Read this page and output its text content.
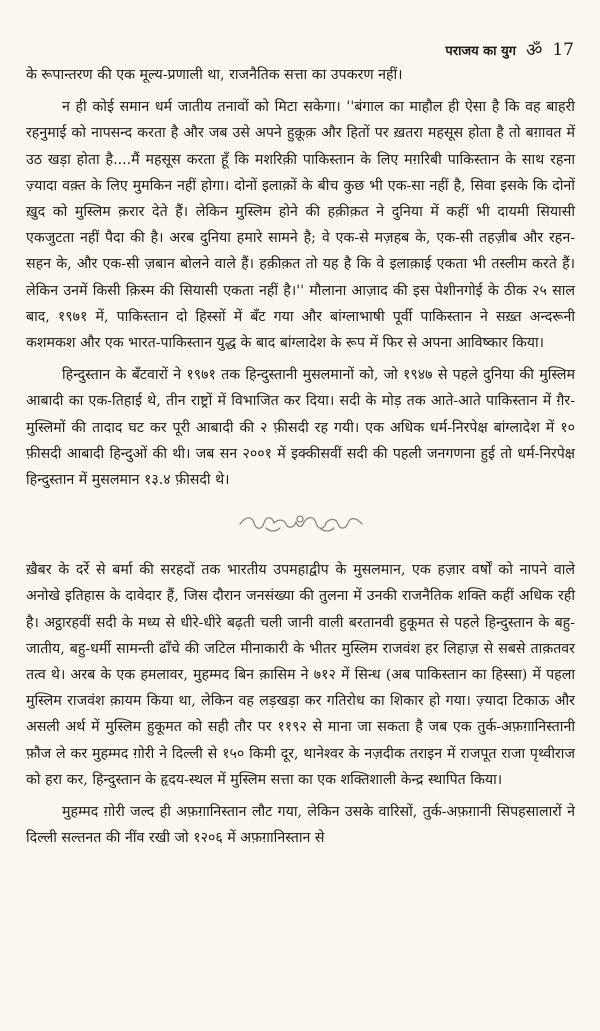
पराजय का युग ॐ 17

के रूपान्तरण की एक मूल्य-प्रणाली था, राजनैतिक सत्ता का उपकरण नहीं।

न ही कोई समान धर्म जातीय तनावों को मिटा सकेगा। ''बंगाल का माहौल ही ऐसा है कि वह बाहरी रहनुमाई को नापसन्द करता है और जब उसे अपने हुक़ूक़ और हितों पर ख़तरा महसूस होता है तो बग़ावत में उठ खड़ा होता है....मैं महसूस करता हूँ कि मशरिक़ी पाकिस्तान के लिए मग़रिबी पाकिस्तान के साथ रहना ज़्यादा वक़्त के लिए मुमकिन नहीं होगा। दोनों इलाक़ों के बीच कुछ भी एक-सा नहीं है, सिवा इसके कि दोनों ख़ुद को मुस्लिम क़रार देते हैं। लेकिन मुस्लिम होने की हक़ीक़त ने दुनिया में कहीं भी दायमी सियासी एकजुटता नहीं पैदा की है। अरब दुनिया हमारे सामने है; वे एक-से मज़हब के, एक-सी तहज़ीब और रहन-सहन के, और एक-सी ज़बान बोलने वाले हैं। हक़ीक़त तो यह है कि वे इलाक़ाई एकता भी तस्लीम करते हैं। लेकिन उनमें किसी क़िस्म की सियासी एकता नहीं है।'' मौलाना आज़ाद की इस पेशीनगोई के ठीक २५ साल बाद, १९७१ में, पाकिस्तान दो हिस्सों में बँट गया और बांग्लाभाषी पूर्वी पाकिस्तान ने सख़्त अन्दरूनी कशमकश और एक भारत-पाकिस्तान युद्ध के बाद बांग्लादेश के रूप में फिर से अपना आविष्कार किया।

हिन्दुस्तान के बँटवारों ने १९७१ तक हिन्दुस्तानी मुसलमानों को, जो १९४७ से पहले दुनिया की मुस्लिम आबादी का एक-तिहाई थे, तीन राष्ट्रों में विभाजित कर दिया। सदी के मोड़ तक आते-आते पाकिस्तान में ग़ैर-मुस्लिमों की तादाद घट कर पूरी आबादी की २ फ़ीसदी रह गयी। एक अधिक धर्म-निरपेक्ष बांग्लादेश में १० फ़ीसदी आबादी हिन्दुओं की थी। जब सन २००१ में इक्कीसवीं सदी की पहली जनगणना हुई तो धर्म-निरपेक्ष हिन्दुस्तान में मुसलमान १३.४ फ़ीसदी थे।

ख़ैबर के दर्रे से बर्मा की सरहदों तक भारतीय उपमहाद्वीप के मुसलमान, एक हज़ार वर्षों को नापने वाले अनोखे इतिहास के दावेदार हैं, जिस दौरान जनसंख्या की तुलना में उनकी राजनैतिक शक्ति कहीं अधिक रही है। अट्ठारहवीं सदी के मध्य से धीरे-धीरे बढ़ती चली जानी वाली बरतानवी हुकूमत से पहले हिन्दुस्तान के बहु-जातीय, बहु-धर्मी सामन्ती ढाँचे की जटिल मीनाकारी के भीतर मुस्लिम राजवंश हर लिहाज़ से सबसे ताक़तवर तत्व थे। अरब के एक हमलावर, मुहम्मद बिन क़ासिम ने ७१२ में सिन्ध (अब पाकिस्तान का हिस्सा) में पहला मुस्लिम राजवंश क़ायम किया था, लेकिन वह लड़खड़ा कर गतिरोध का शिकार हो गया। ज़्यादा टिकाऊ और असली अर्थ में मुस्लिम हुकूमत को सही तौर पर ११९२ से माना जा सकता है जब एक तुर्क-अफ़ग़ानिस्तानी फ़ौज ले कर मुहम्मद ग़ोरी ने दिल्ली से १५० किमी दूर, थानेश्वर के नज़दीक तराइन में राजपूत राजा पृथ्वीराज को हरा कर, हिन्दुस्तान के हृदय-स्थल में मुस्लिम सत्ता का एक शक्तिशाली केन्द्र स्थापित किया।

मुहम्मद ग़ोरी जल्द ही अफ़ग़ानिस्तान लौट गया, लेकिन उसके वारिसों, तुर्क-अफ़ग़ानी सिपहसालारों ने दिल्ली सल्तनत की नींव रखी जो १२०६ में अफ़ग़ानिस्तान से
